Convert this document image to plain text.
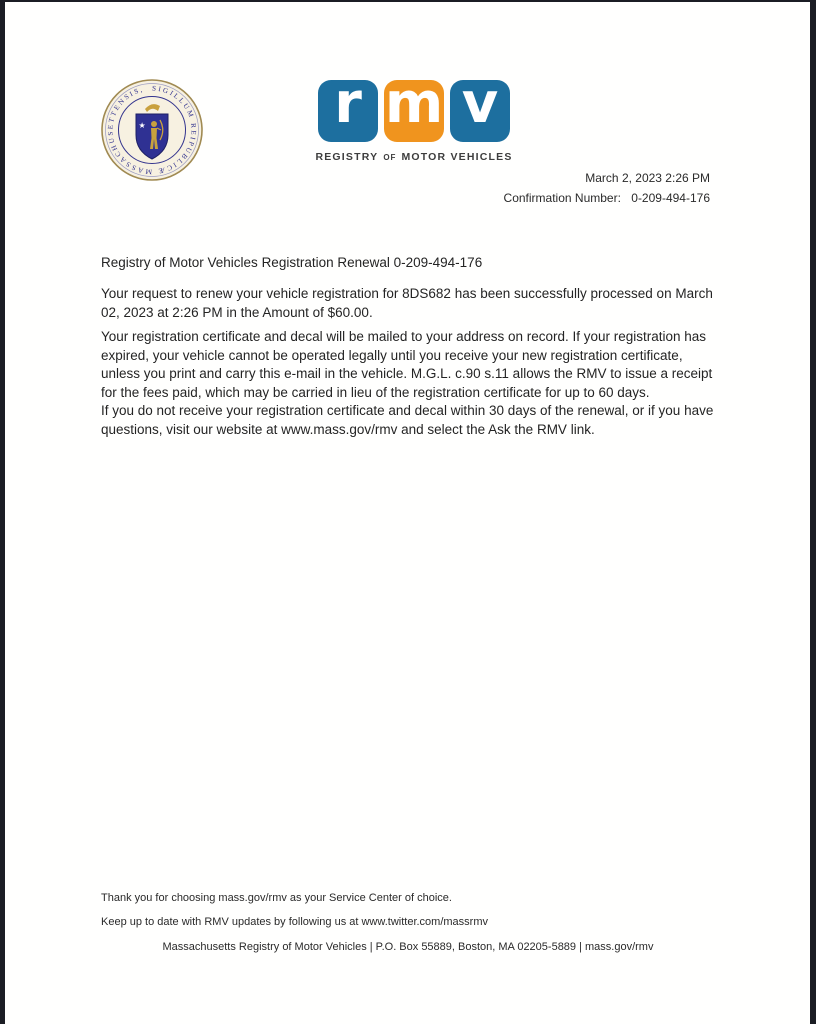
SIGILLUM REIPUBLICÆ MASSACHUSETTENSIS,
★	r m v
REGISTRY OF MOTOR VEHICLES
March 2, 2023 2:26 PM
Confirmation Number: 0-209-494-176
Registry of Motor Vehicles Registration Renewal 0-209-494-176
Your request to renew your vehicle registration for 8DS682 has been successfully processed on March 02, 2023 at 2:26 PM in the Amount of $60.00.
Your registration certificate and decal will be mailed to your address on record. If your registration has expired, your vehicle cannot be operated legally until you receive your new registration certificate, unless you print and carry this e-mail in the vehicle. M.G.L. c.90 s.11 allows the RMV to issue a receipt for the fees paid, which may be carried in lieu of the registration certificate for up to 60 days.
If you do not receive your registration certificate and decal within 30 days of the renewal, or if you have questions, visit our website at www.mass.gov/rmv and select the Ask the RMV link.
Thank you for choosing mass.gov/rmv as your Service Center of choice.
Keep up to date with RMV updates by following us at www.twitter.com/massrmv
Massachusetts Registry of Motor Vehicles | P.O. Box 55889, Boston, MA 02205-5889 | mass.gov/rmv
